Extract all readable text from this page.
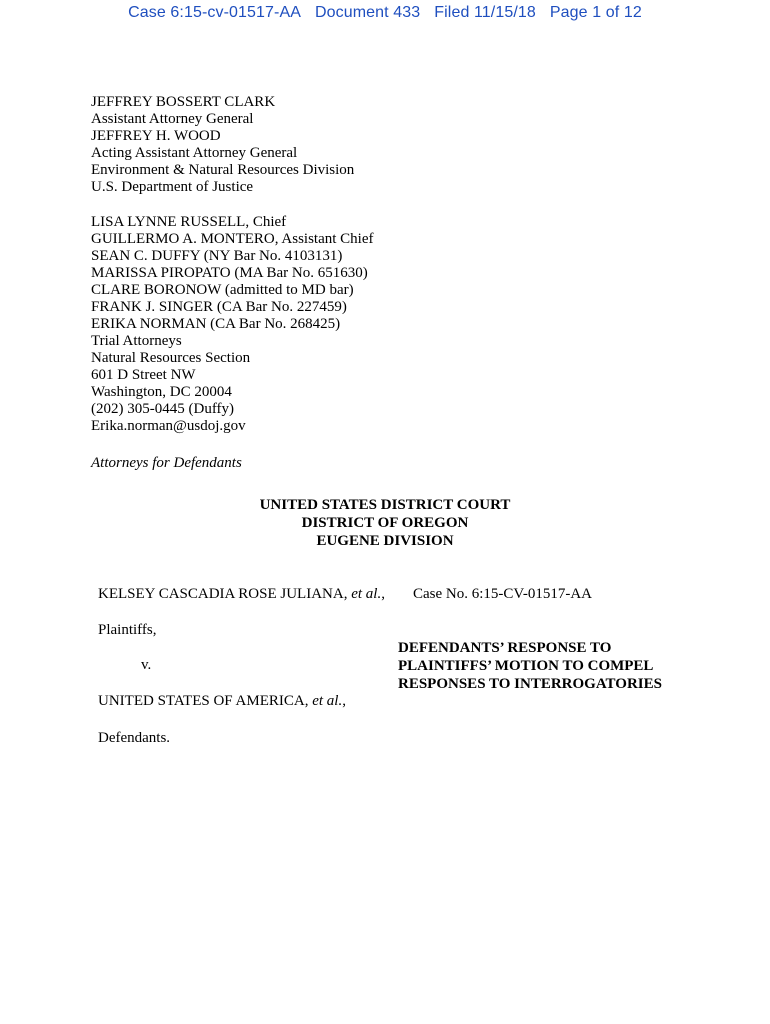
Case 6:15-cv-01517-AA Document 433 Filed 11/15/18 Page 1 of 12
JEFFREY BOSSERT CLARK
Assistant Attorney General
JEFFREY H. WOOD
Acting Assistant Attorney General
Environment & Natural Resources Division
U.S. Department of Justice
LISA LYNNE RUSSELL, Chief
GUILLERMO A. MONTERO, Assistant Chief
SEAN C. DUFFY (NY Bar No. 4103131)
MARISSA PIROPATO (MA Bar No. 651630)
CLARE BORONOW (admitted to MD bar)
FRANK J. SINGER (CA Bar No. 227459)
ERIKA NORMAN (CA Bar No. 268425)
Trial Attorneys
Natural Resources Section
601 D Street NW
Washington, DC 20004
(202) 305-0445 (Duffy)
Erika.norman@usdoj.gov
Attorneys for Defendants
UNITED STATES DISTRICT COURT
DISTRICT OF OREGON
EUGENE DIVISION
KELSEY CASCADIA ROSE JULIANA, et al.,
Plaintiffs,
v.
UNITED STATES OF AMERICA, et al.,
Defendants.
Case No. 6:15-CV-01517-AA
DEFENDANTS’ RESPONSE TO
PLAINTIFFS’ MOTION TO COMPEL
RESPONSES TO INTERROGATORIES
